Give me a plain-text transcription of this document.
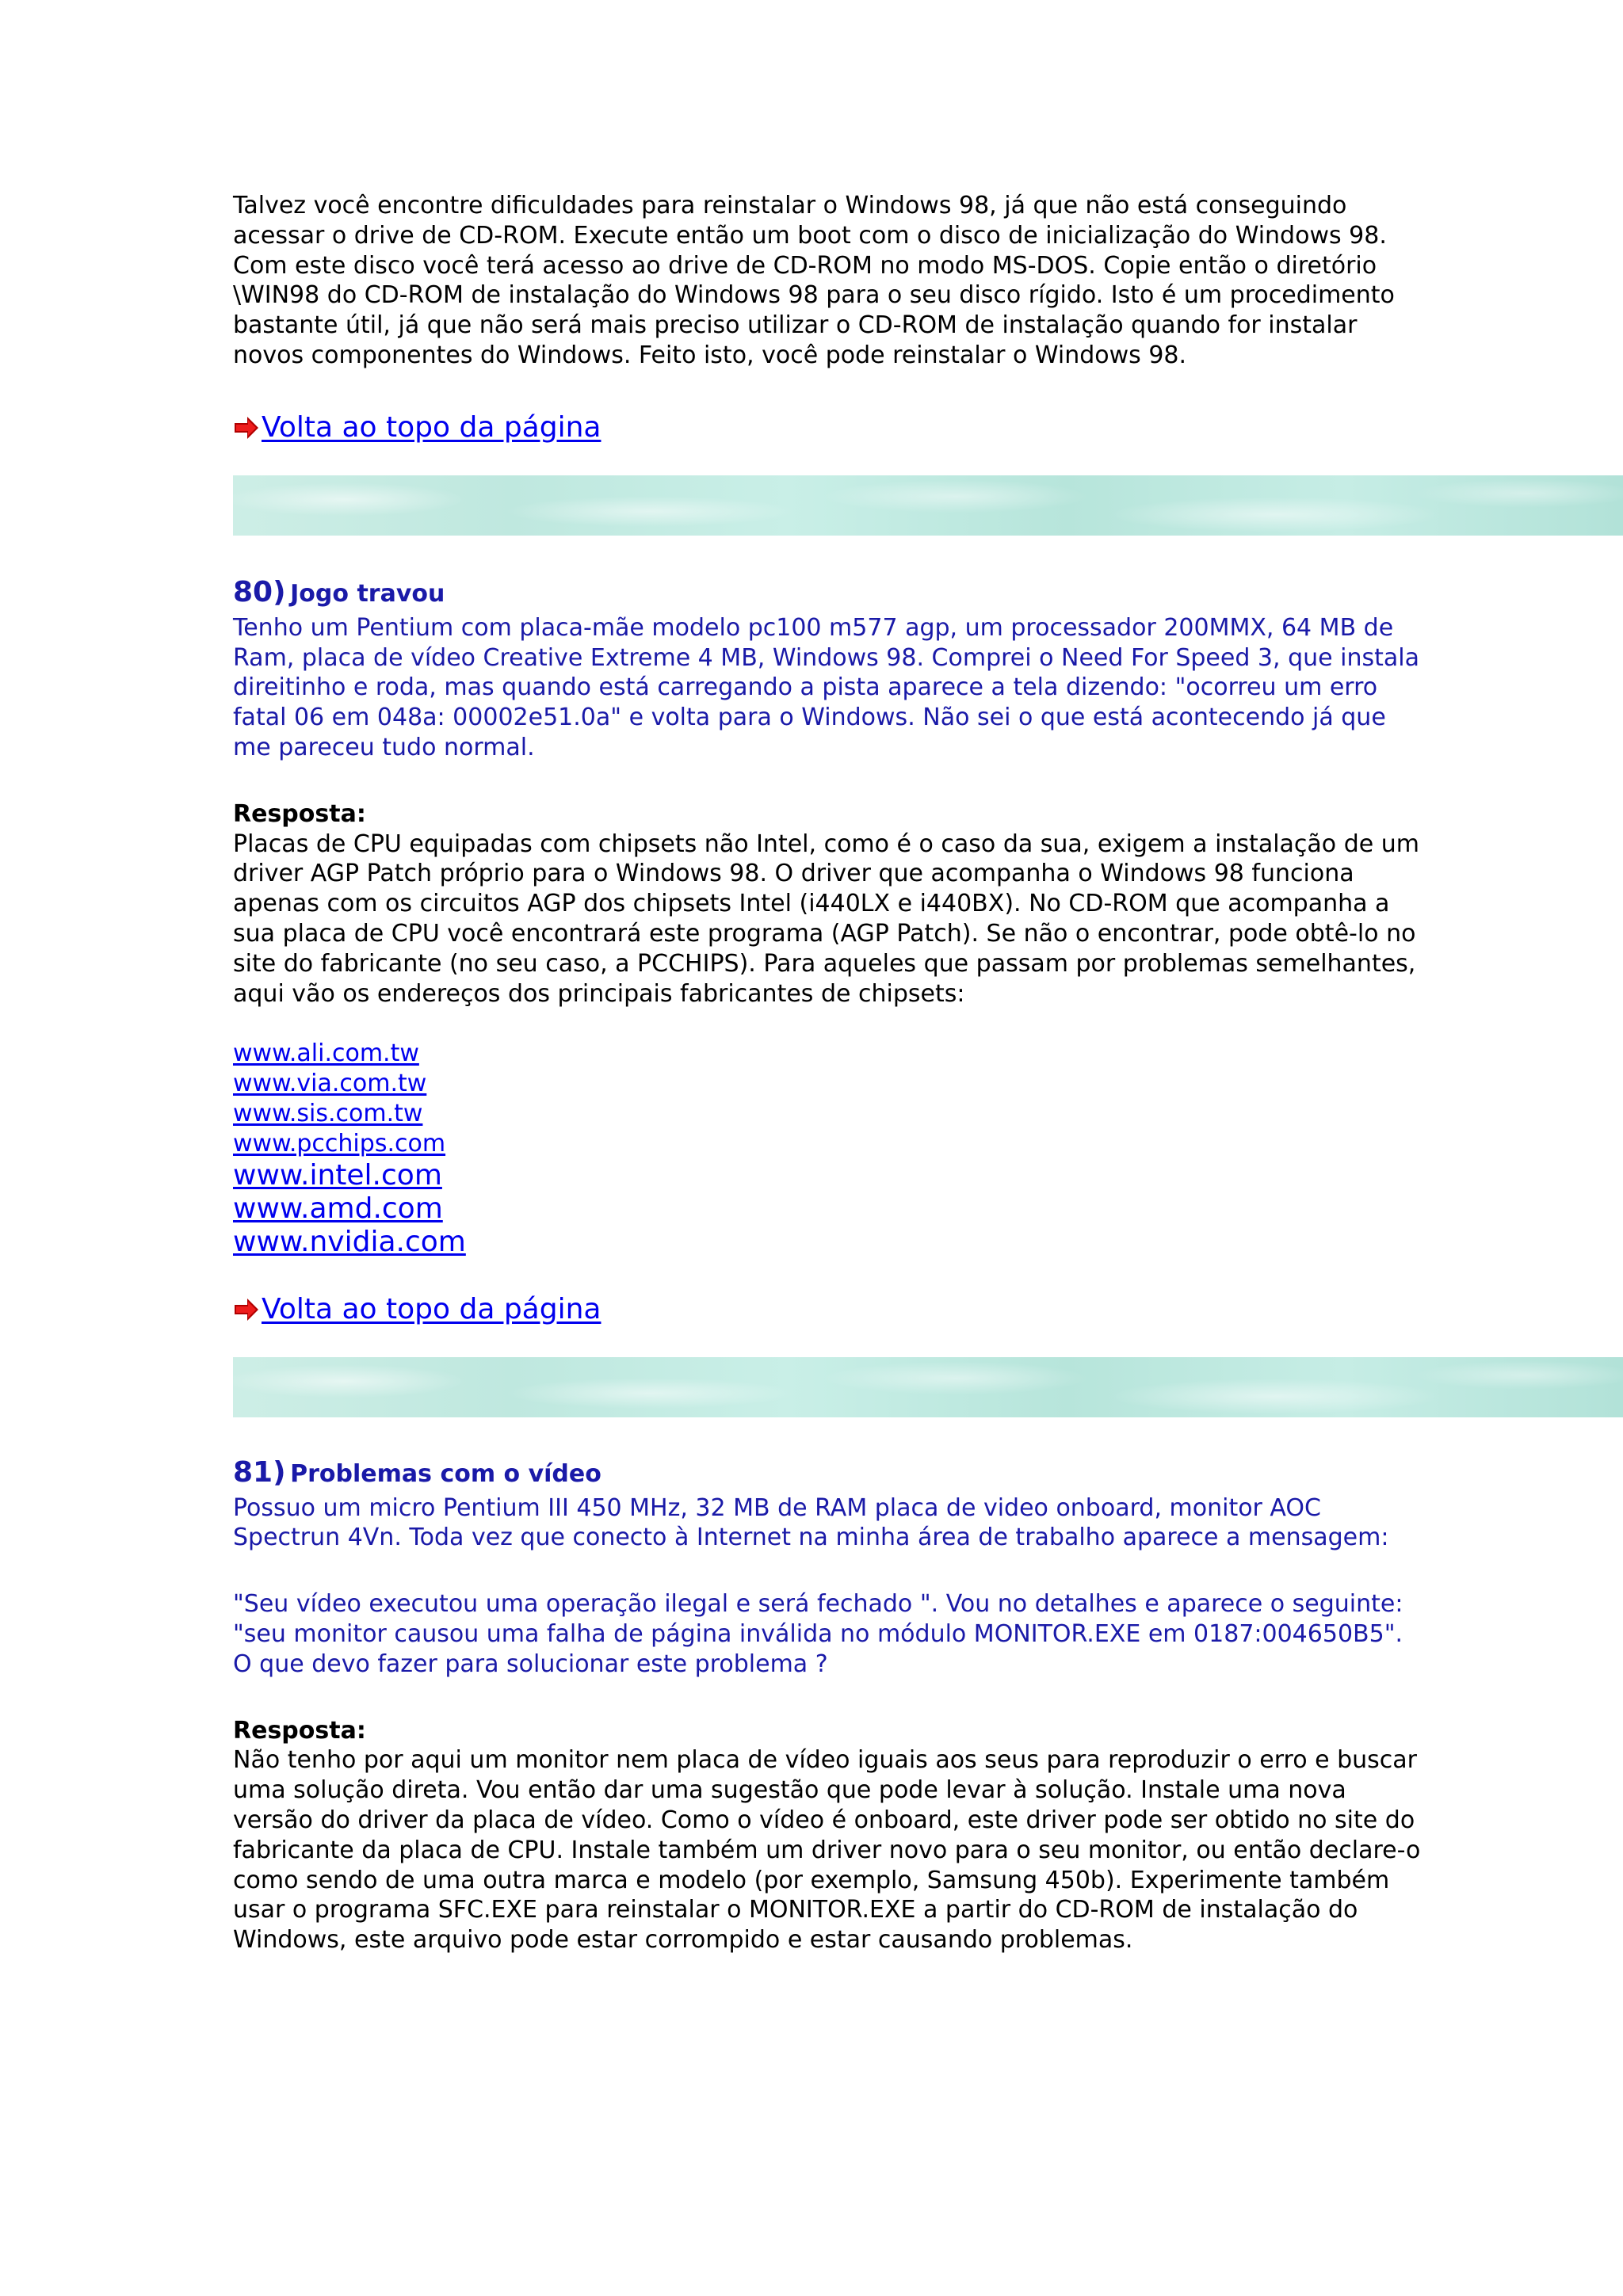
Talvez você encontre dificuldades para reinstalar o Windows 98, já que não está conseguindo acessar o drive de CD-ROM. Execute então um boot com o disco de inicialização do Windows 98. Com este disco você terá acesso ao drive de CD-ROM no modo MS-DOS. Copie então o diretório \WIN98 do CD-ROM de instalação do Windows 98 para o seu disco rígido. Isto é um procedimento bastante útil, já que não será mais preciso utilizar o CD-ROM de instalação quando for instalar novos componentes do Windows. Feito isto, você pode reinstalar o Windows 98.

Volta ao topo da página

80) Jogo travou

Tenho um Pentium com placa-mãe modelo pc100 m577 agp, um processador 200MMX, 64 MB de Ram, placa de vídeo Creative Extreme 4 MB, Windows 98. Comprei o Need For Speed 3, que instala direitinho e roda, mas quando está carregando a pista aparece a tela dizendo: "ocorreu um erro fatal 06 em 048a: 00002e51.0a" e volta para o Windows. Não sei o que está acontecendo já que me pareceu tudo normal.

Resposta:

Placas de CPU equipadas com chipsets não Intel, como é o caso da sua, exigem a instalação de um driver AGP Patch próprio para o Windows 98. O driver que acompanha o Windows 98 funciona apenas com os circuitos AGP dos chipsets Intel (i440LX e i440BX). No CD-ROM que acompanha a sua placa de CPU você encontrará este programa (AGP Patch). Se não o encontrar, pode obtê-lo no site do fabricante (no seu caso, a PCCHIPS). Para aqueles que passam por problemas semelhantes, aqui vão os endereços dos principais fabricantes de chipsets:

www.ali.com.tw
www.via.com.tw
www.sis.com.tw
www.pcchips.com
www.intel.com
www.amd.com
www.nvidia.com

Volta ao topo da página

81) Problemas com o vídeo

Possuo um micro Pentium III 450 MHz, 32 MB de RAM placa de video onboard, monitor AOC Spectrun 4Vn. Toda vez que conecto à Internet na minha área de trabalho aparece a mensagem:

"Seu vídeo executou uma operação ilegal e será fechado ". Vou no detalhes e aparece o seguinte: "seu monitor causou uma falha de página inválida no módulo MONITOR.EXE em 0187:004650B5". O que devo fazer para solucionar este problema ?

Resposta:

Não tenho por aqui um monitor nem placa de vídeo iguais aos seus para reproduzir o erro e buscar uma solução direta. Vou então dar uma sugestão que pode levar à solução. Instale uma nova versão do driver da placa de vídeo. Como o vídeo é onboard, este driver pode ser obtido no site do fabricante da placa de CPU. Instale também um driver novo para o seu monitor, ou então declare-o como sendo de uma outra marca e modelo (por exemplo, Samsung 450b). Experimente também usar o programa SFC.EXE para reinstalar o MONITOR.EXE a partir do CD-ROM de instalação do Windows, este arquivo pode estar corrompido e estar causando problemas.
